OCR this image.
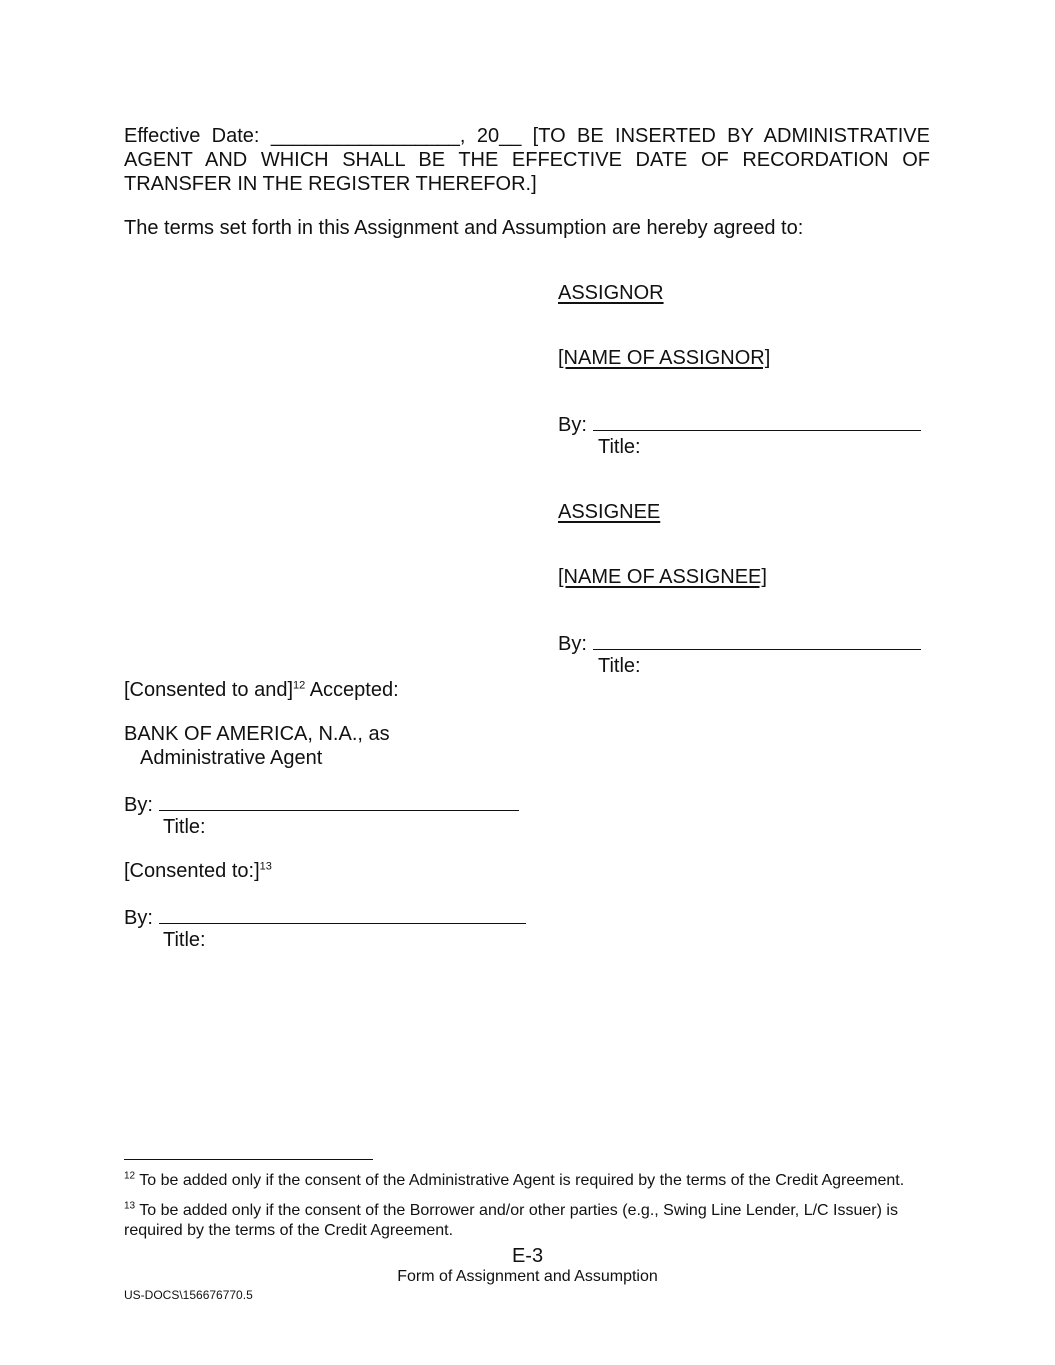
Effective Date: _________________, 20__ [TO BE INSERTED BY ADMINISTRATIVE AGENT AND WHICH SHALL BE THE EFFECTIVE DATE OF RECORDATION OF TRANSFER IN THE REGISTER THEREFOR.]
The terms set forth in this Assignment and Assumption are hereby agreed to:
ASSIGNOR
[NAME OF ASSIGNOR]
By:
Title:
ASSIGNEE
[NAME OF ASSIGNEE]
By:
Title:
[Consented to and]$^{12}$ Accepted:
BANK OF AMERICA, N.A., as
Administrative Agent
By:
Title:
[Consented to:]$^{13}$
By:
Title:
$^{12}$ To be added only if the consent of the Administrative Agent is required by the terms of the Credit Agreement.
$^{13}$ To be added only if the consent of the Borrower and/or other parties (e.g., Swing Line Lender, L/C Issuer) is required by the terms of the Credit Agreement.
E-3
Form of Assignment and Assumption
US-DOCS\156676770.5
